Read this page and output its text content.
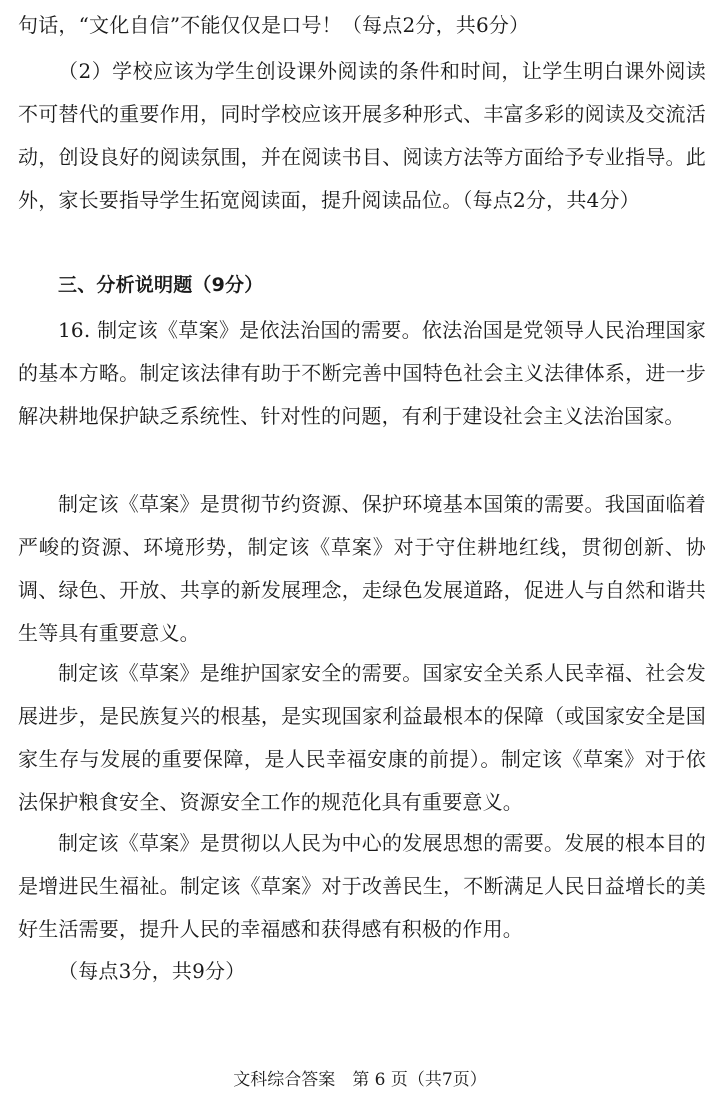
句话，“文化自信”不能仅仅是口号！（每点2分，共6分）

（2）学校应该为学生创设课外阅读的条件和时间，让学生明白课外阅读不可替代的重要作用，同时学校应该开展多种形式、丰富多彩的阅读及交流活动，创设良好的阅读氛围，并在阅读书目、阅读方法等方面给予专业指导。此外，家长要指导学生拓宽阅读面，提升阅读品位。（每点2分，共4分）

三、分析说明题（9分）

16. 制定该《草案》是依法治国的需要。依法治国是党领导人民治理国家的基本方略。制定该法律有助于不断完善中国特色社会主义法律体系，进一步解决耕地保护缺乏系统性、针对性的问题，有利于建设社会主义法治国家。

制定该《草案》是贯彻节约资源、保护环境基本国策的需要。我国面临着严峻的资源、环境形势，制定该《草案》对于守住耕地红线，贯彻创新、协调、绿色、开放、共享的新发展理念，走绿色发展道路，促进人与自然和谐共生等具有重要意义。

制定该《草案》是维护国家安全的需要。国家安全关系人民幸福、社会发展进步，是民族复兴的根基，是实现国家利益最根本的保障（或国家安全是国家生存与发展的重要保障，是人民幸福安康的前提）。制定该《草案》对于依法保护粮食安全、资源安全工作的规范化具有重要意义。

制定该《草案》是贯彻以人民为中心的发展思想的需要。发展的根本目的是增进民生福祉。制定该《草案》对于改善民生，不断满足人民日益增长的美好生活需要，提升人民的幸福感和获得感有积极的作用。

（每点3分，共9分）

文科综合答案　第 6 页（共7页）
